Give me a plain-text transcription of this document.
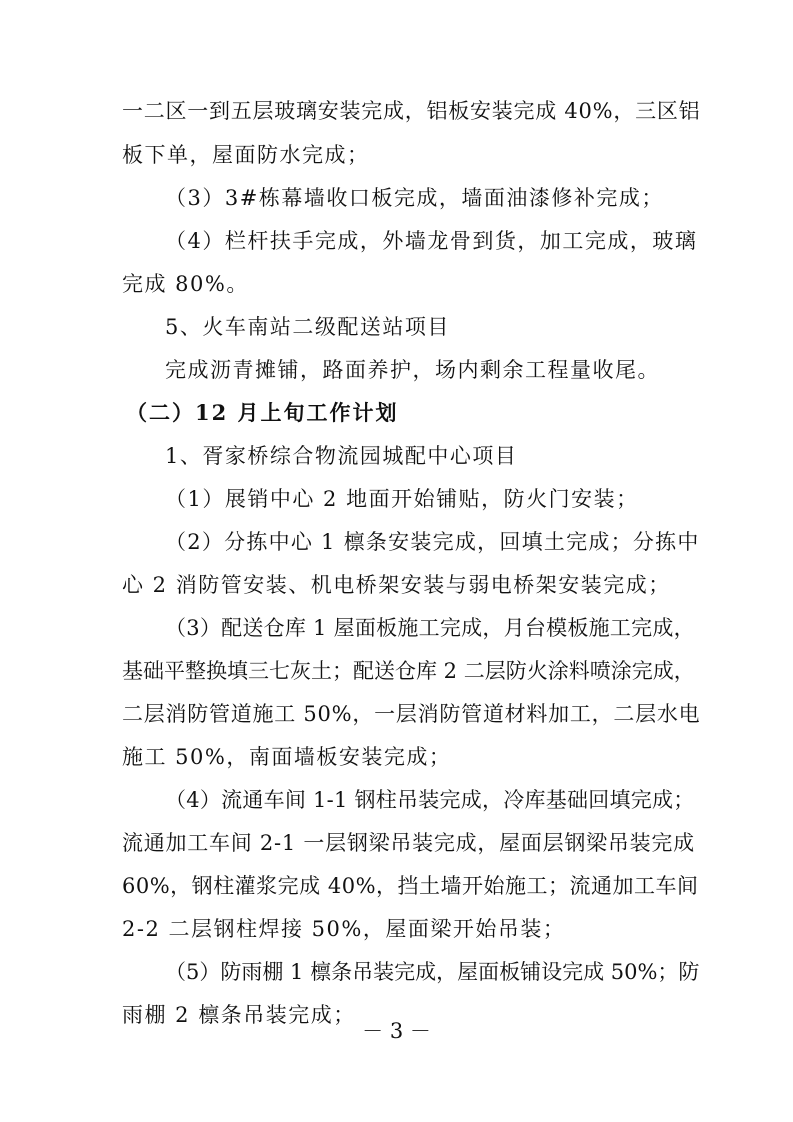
一二区一到五层玻璃安装完成，铝板安装完成 40%，三区铝
板下单，屋面防水完成；
（3）3#栋幕墙收口板完成，墙面油漆修补完成；
（4）栏杆扶手完成，外墙龙骨到货，加工完成，玻璃
完成 80%。
5、火车南站二级配送站项目
完成沥青摊铺，路面养护，场内剩余工程量收尾。
（二）12 月上旬工作计划
1、胥家桥综合物流园城配中心项目
（1）展销中心 2 地面开始铺贴，防火门安装；
（2）分拣中心 1 檩条安装完成，回填土完成；分拣中
心 2 消防管安装、机电桥架安装与弱电桥架安装完成；
（3）配送仓库 1 屋面板施工完成，月台模板施工完成，
基础平整换填三七灰土；配送仓库 2 二层防火涂料喷涂完成，
二层消防管道施工 50%，一层消防管道材料加工，二层水电
施工 50%，南面墙板安装完成；
（4）流通车间 1-1 钢柱吊装完成，冷库基础回填完成；
流通加工车间 2-1 一层钢梁吊装完成，屋面层钢梁吊装完成
60%，钢柱灌浆完成 40%，挡土墙开始施工；流通加工车间
2-2 二层钢柱焊接 50%，屋面梁开始吊装；
（5）防雨棚 1 檩条吊装完成，屋面板铺设完成 50%；防
雨棚 2 檩条吊装完成；
－ 3 －
